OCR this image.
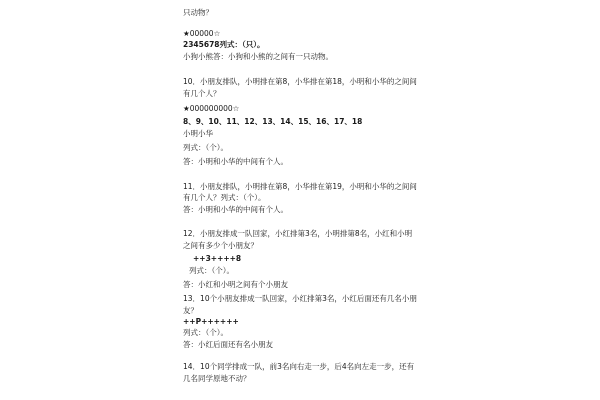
只动物？
★00000☆
2345678列式：（只）。
小狗小熊答：小狗和小熊的之间有一只动物。
10．小朋友排队，小明排在第8，小华排在第18，小明和小华的之间间
有几个人？
★000000000☆
8、9、10、11、12、13、14、15、16、17、18
小明小华
列式：（个）。
答：小明和小华的中间有个人。
11．小朋友排队，小明排在第8，小华排在第19，小明和小华的之间间
有几个人？列式：（个）。
答：小明和小华的中间有个人。
12．小朋友排成一队回家，小红排第3名，小明排第8名，小红和小明
之间有多少个小朋友？
++3++++8
列式：（个）。
答：小红和小明之间有个小朋友
13．10个小朋友排成一队回家，小红排第3名，小红后面还有几名小朋
友？
++P++++++
列式：（个）。
答：小红后面还有名小朋友
14．10个同学排成一队，前3名向右走一步，后4名向左走一步，还有
几名同学原地不动？
